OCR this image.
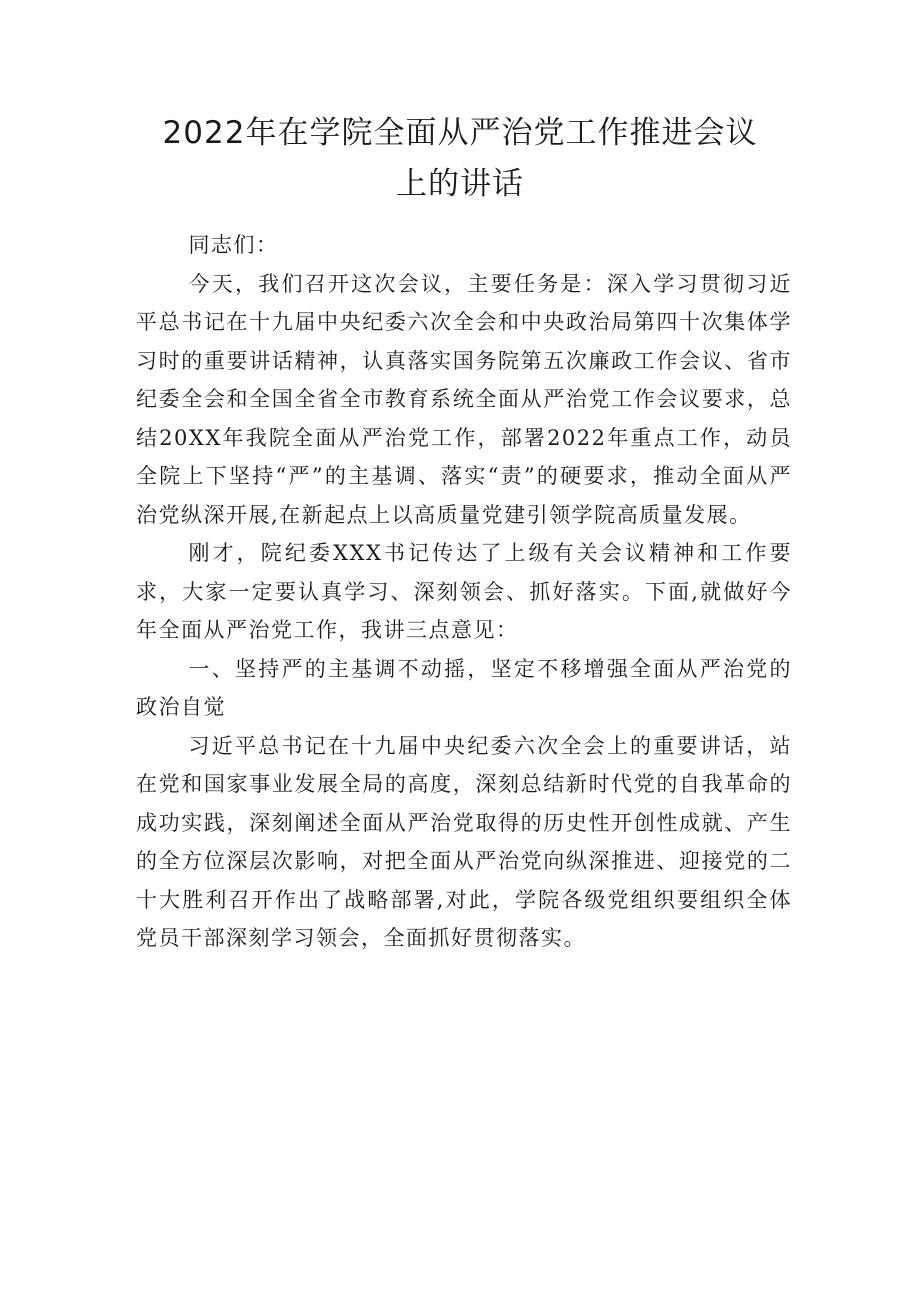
2022年在学院全面从严治党工作推进会议
上的讲话

同志们：

今天，我们召开这次会议，主要任务是：深入学习贯彻习近平总书记在十九届中央纪委六次全会和中央政治局第四十次集体学习时的重要讲话精神，认真落实国务院第五次廉政工作会议、省市纪委全会和全国全省全市教育系统全面从严治党工作会议要求，总结20XX年我院全面从严治党工作，部署2022年重点工作，动员全院上下坚持“严”的主基调、落实“责”的硬要求，推动全面从严治党纵深开展,在新起点上以高质量党建引领学院高质量发展。

刚才，院纪委XXX书记传达了上级有关会议精神和工作要求，大家一定要认真学习、深刻领会、抓好落实。下面,就做好今年全面从严治党工作，我讲三点意见：

一、坚持严的主基调不动摇，坚定不移增强全面从严治党的政治自觉

习近平总书记在十九届中央纪委六次全会上的重要讲话，站在党和国家事业发展全局的高度，深刻总结新时代党的自我革命的成功实践，深刻阐述全面从严治党取得的历史性开创性成就、产生的全方位深层次影响，对把全面从严治党向纵深推进、迎接党的二十大胜利召开作出了战略部署,对此，学院各级党组织要组织全体党员干部深刻学习领会，全面抓好贯彻落实。
